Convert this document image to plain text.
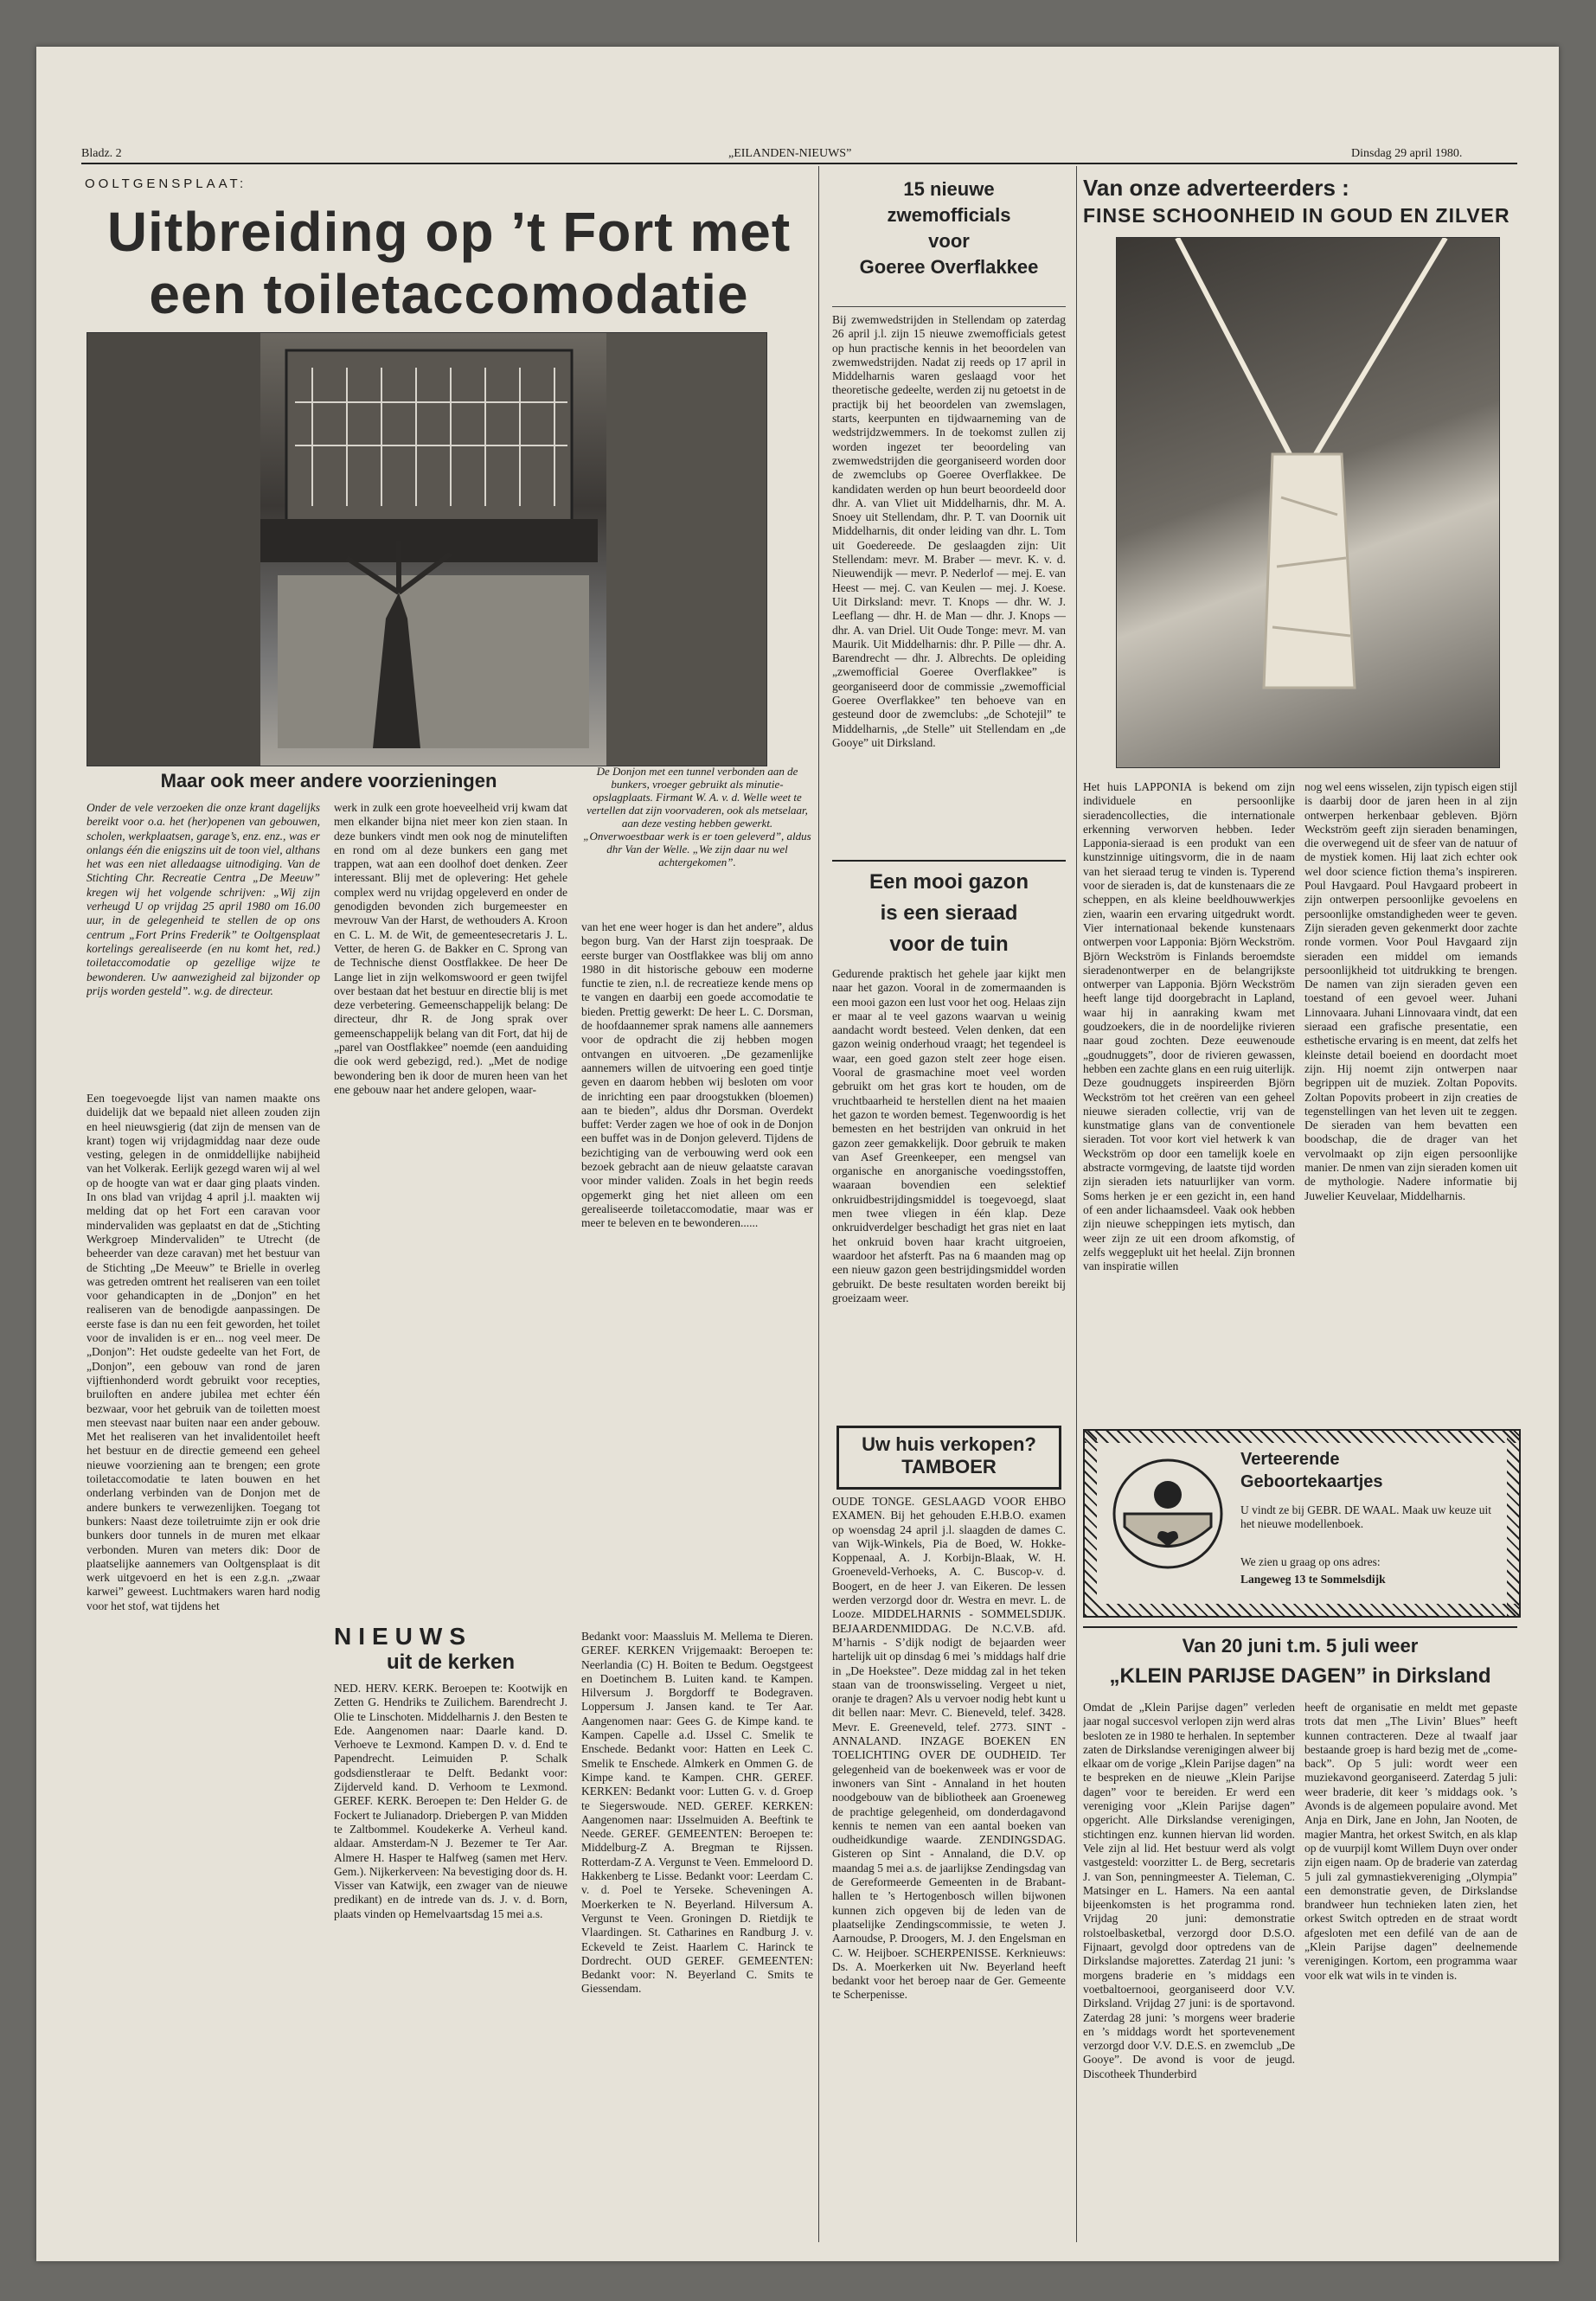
Bladz. 2	„EILANDEN-NIEUWS”	Dinsdag 29 april 1980.
OOLTGENSPLAAT:
Uitbreiding op ’t Fort met
een toiletaccomodatie
Maar ook meer andere voorzieningen	De Donjon met een tunnel verbonden aan de bunkers, vroeger gebruikt als minutie-opslagplaats. Firmant W. A. v. d. Welle weet te vertellen dat zijn voorvaderen, ook als metselaar, aan deze vesting hebben gewerkt. „Onverwoestbaar werk is er toen geleverd”, aldus dhr Van der Welle. „We zijn daar nu wel achtergekomen”.
Onder de vele verzoeken die onze krant dagelijks bereikt voor o.a. het (her)openen van gebouwen, scholen, werkplaatsen, garage’s, enz. enz., was er onlangs één die enigszins uit de toon viel, althans het was een niet alledaagse uitnodiging. Van de Stichting Chr. Recreatie Centra „De Meeuw” kregen wij het volgende schrijven: „Wij zijn verheugd U op vrijdag 25 april 1980 om 16.00 uur, in de gelegenheid te stellen de op ons centrum „Fort Prins Frederik” te Ooltgensplaat kortelings gerealiseerde (en nu komt het, red.) toiletaccomodatie op gezellige wijze te bewonderen. Uw aanwezigheid zal bijzonder op prijs worden gesteld”. w.g. de directeur.
Een toegevoegde lijst van namen maakte ons duidelijk dat we bepaald niet alleen zouden zijn en heel nieuwsgierig (dat zijn de mensen van de krant) togen wij vrijdagmiddag naar deze oude vesting, gelegen in de onmiddellijke nabijheid van het Volkerak. Eerlijk gezegd waren wij al wel op de hoogte van wat er daar ging plaats vinden. In ons blad van vrijdag 4 april j.l. maakten wij melding dat op het Fort een caravan voor mindervaliden was geplaatst en dat de „Stichting Werkgroep Mindervaliden” te Utrecht (de beheerder van deze caravan) met het bestuur van de Stichting „De Meeuw” te Brielle in overleg was getreden omtrent het realiseren van een toilet voor gehandicapten in de „Donjon” en het realiseren van de benodigde aanpassingen. De eerste fase is dan nu een feit geworden, het toilet voor de invaliden is er en... nog veel meer. De „Donjon”: Het oudste gedeelte van het Fort, de „Donjon”, een gebouw van rond de jaren vijftienhonderd wordt gebruikt voor recepties, bruiloften en andere jubilea met echter één bezwaar, voor het gebruik van de toiletten moest men steevast naar buiten naar een ander gebouw. Met het realiseren van het invalidentoilet heeft het bestuur en de directie gemeend een geheel nieuwe voorziening aan te brengen; een grote toiletaccomodatie te laten bouwen en het onderlang verbinden van de Donjon met de andere bunkers te verwezenlijken. Toegang tot bunkers: Naast deze toiletruimte zijn er ook drie bunkers door tunnels in de muren met elkaar verbonden. Muren van meters dik: Door de plaatselijke aannemers van Ooltgensplaat is dit werk uitgevoerd en het is een z.g.n. „zwaar karwei” geweest. Luchtmakers waren hard nodig voor het stof, wat tijdens het
werk in zulk een grote hoeveelheid vrij kwam dat men elkander bijna niet meer kon zien staan. In deze bunkers vindt men ook nog de minuteliften en rond om al deze bunkers een gang met trappen, wat aan een doolhof doet denken. Zeer interessant. Blij met de oplevering: Het gehele complex werd nu vrijdag opgeleverd en onder de genodigden bevonden zich burgemeester en mevrouw Van der Harst, de wethouders A. Kroon en C. L. M. de Wit, de gemeentesecretaris J. L. Vetter, de heren G. de Bakker en C. Sprong van de Technische dienst Oostflakkee. De heer De Lange liet in zijn welkomswoord er geen twijfel over bestaan dat het bestuur en directie blij is met deze verbetering. Gemeenschappelijk belang: De directeur, dhr R. de Jong sprak over gemeenschappelijk belang van dit Fort, dat hij de „parel van Oostflakkee” noemde (een aanduiding die ook werd gebezigd, red.). „Met de nodige bewondering ben ik door de muren heen van het ene gebouw naar het andere gelopen, waar-
van het ene weer hoger is dan het andere”, aldus begon burg. Van der Harst zijn toespraak. De eerste burger van Oostflakkee was blij om anno 1980 in dit historische gebouw een moderne functie te zien, n.l. de recreatieze kende mens op te vangen en daarbij een goede accomodatie te bieden. Prettig gewerkt: De heer L. C. Dorsman, de hoofdaannemer sprak namens alle aannemers voor de opdracht die zij hebben mogen ontvangen en uitvoeren. „De gezamenlijke aannemers willen de uitvoering een goed tintje geven en daarom hebben wij besloten om voor de inrichting een paar droogstukken (bloemen) aan te bieden”, aldus dhr Dorsman. Overdekt buffet: Verder zagen we hoe of ook in de Donjon een buffet was in de Donjon geleverd. Tijdens de bezichtiging van de verbouwing werd ook een bezoek gebracht aan de nieuw gelaatste caravan voor minder validen. Zoals in het begin reeds opgemerkt ging het niet alleen om een gerealiseerde toiletaccomodatie, maar was er meer te beleven en te bewonderen......
NIEUWS
uit de kerken
NED. HERV. KERK. Beroepen te: Kootwijk en Zetten G. Hendriks te Zuilichem. Barendrecht J. Olie te Linschoten. Middelharnis J. den Besten te Ede. Aangenomen naar: Daarle kand. D. Verhoeve te Lexmond. Kampen D. v. d. End te Papendrecht. Leimuiden P. Schalk godsdienstleraar te Delft. Bedankt voor: Zijderveld kand. D. Verhoom te Lexmond. GEREF. KERK. Beroepen te: Den Helder G. de Fockert te Julianadorp. Driebergen P. van Midden te Zaltbommel. Koudekerke A. Verheul kand. aldaar. Amsterdam-N J. Bezemer te Ter Aar. Almere H. Hasper te Halfweg (samen met Herv. Gem.). Nijkerkerveen: Na bevestiging door ds. H. Visser van Katwijk, een zwager van de nieuwe predikant) en de intrede van ds. J. v. d. Born, plaats vinden op Hemelvaartsdag 15 mei a.s.
Bedankt voor: Maassluis M. Mellema te Dieren. GEREF. KERKEN Vrijgemaakt: Beroepen te: Neerlandia (C) H. Boiten te Bedum. Oegstgeest en Doetinchem B. Luiten kand. te Kampen. Hilversum J. Borgdorff te Bodegraven. Loppersum J. Jansen kand. te Ter Aar. Aangenomen naar: Gees G. de Kimpe kand. te Kampen. Capelle a.d. IJssel C. Smelik te Enschede. Bedankt voor: Hatten en Leek C. Smelik te Enschede. Almkerk en Ommen G. de Kimpe kand. te Kampen. CHR. GEREF. KERKEN: Bedankt voor: Lutten G. v. d. Groep te Siegerswoude. NED. GEREF. KERKEN: Aangenomen naar: IJsselmuiden A. Beeftink te Neede. GEREF. GEMEENTEN: Beroepen te: Middelburg-Z A. Bregman te Rijssen. Rotterdam-Z A. Vergunst te Veen. Emmeloord D. Hakkenberg te Lisse. Bedankt voor: Leerdam C. v. d. Poel te Yerseke. Scheveningen A. Moerkerken te N. Beyerland. Hilversum A. Vergunst te Veen. Groningen D. Rietdijk te Vlaardingen. St. Catharines en Randburg J. v. Eckeveld te Zeist. Haarlem C. Harinck te Dordrecht. OUD GEREF. GEMEENTEN: Bedankt voor: N. Beyerland C. Smits te Giessendam.
15 nieuwe
zwemofficials
voor
Goeree Overflakkee
Bij zwemwedstrijden in Stellendam op zaterdag 26 april j.l. zijn 15 nieuwe zwemofficials getest op hun practische kennis in het beoordelen van zwemwedstrijden. Nadat zij reeds op 17 april in Middelharnis waren geslaagd voor het theoretische gedeelte, werden zij nu getoetst in de practijk bij het beoordelen van zwemslagen, starts, keerpunten en tijdwaarneming van de wedstrijdzwemmers. In de toekomst zullen zij worden ingezet ter beoordeling van zwemwedstrijden die georganiseerd worden door de zwemclubs op Goeree Overflakkee. De kandidaten werden op hun beurt beoordeeld door dhr. A. van Vliet uit Middelharnis, dhr. M. A. Snoey uit Stellendam, dhr. P. T. van Doornik uit Middelharnis, dit onder leiding van dhr. L. Tom uit Goedereede. De geslaagden zijn: Uit Stellendam: mevr. M. Braber — mevr. K. v. d. Nieuwendijk — mevr. P. Nederlof — mej. E. van Heest — mej. C. van Keulen — mej. J. Koese. Uit Dirksland: mevr. T. Knops — dhr. W. J. Leeflang — dhr. H. de Man — dhr. J. Knops — dhr. A. van Driel. Uit Oude Tonge: mevr. M. van Maurik. Uit Middelharnis: dhr. P. Pille — dhr. A. Barendrecht — dhr. J. Albrechts. De opleiding „zwemofficial Goeree Overflakkee” is georganiseerd door de commissie „zwemofficial Goeree Overflakkee” ten behoeve van en gesteund door de zwemclubs: „de Schotejil” te Middelharnis, „de Stelle” uit Stellendam en „de Gooye” uit Dirksland.
Een mooi gazon
is een sieraad
voor de tuin
Gedurende praktisch het gehele jaar kijkt men naar het gazon. Vooral in de zomermaanden is een mooi gazon een lust voor het oog. Helaas zijn er maar al te veel gazons waarvan u weinig aandacht wordt besteed. Velen denken, dat een gazon weinig onderhoud vraagt; het tegendeel is waar, een goed gazon stelt zeer hoge eisen. Vooral de grasmachine moet veel worden gebruikt om het gras kort te houden, om de vruchtbaarheid te herstellen dient na het maaien het gazon te worden bemest. Tegenwoordig is het bemesten en het bestrijden van onkruid in het gazon zeer gemakkelijk. Door gebruik te maken van Asef Greenkeeper, een mengsel van organische en anorganische voedingsstoffen, waaraan bovendien een selektief onkruidbestrijdingsmiddel is toegevoegd, slaat men twee vliegen in één klap. Deze onkruidverdelger beschadigt het gras niet en laat het onkruid boven haar kracht uitgroeien, waardoor het afsterft. Pas na 6 maanden mag op een nieuw gazon geen bestrijdingsmiddel worden gebruikt. De beste resultaten worden bereikt bij groeizaam weer.
Uw huis verkopen?
TAMBOER
OUDE TONGE. GESLAAGD VOOR EHBO EXAMEN. Bij het gehouden E.H.B.O. examen op woensdag 24 april j.l. slaagden de dames C. van Wijk-Winkels, Pia de Boed, W. Hokke-Koppenaal, A. J. Korbijn-Blaak, W. H. Groeneveld-Verhoeks, A. C. Buscop-v. d. Boogert, en de heer J. van Eikeren. De lessen werden verzorgd door dr. Westra en mevr. L. de Looze. MIDDELHARNIS - SOMMELSDIJK. BEJAARDENMIDDAG. De N.C.V.B. afd. M’harnis - S’dijk nodigt de bejaarden weer hartelijk uit op dinsdag 6 mei ’s middags half drie in „De Hoekstee”. Deze middag zal in het teken staan van de troonswisseling. Vergeet u niet, oranje te dragen? Als u vervoer nodig hebt kunt u dit bellen naar: Mevr. C. Bieneveld, telef. 3428. Mevr. E. Greeneveld, telef. 2773. SINT - ANNALAND. INZAGE BOEKEN EN TOELICHTING OVER DE OUDHEID. Ter gelegenheid van de boekenweek was er voor de inwoners van Sint - Annaland in het houten noodgebouw van de bibliotheek aan Groeneweg de prachtige gelegenheid, om donderdagavond kennis te nemen van een aantal boeken van oudheidkundige waarde. ZENDINGSDAG. Gisteren op Sint - Annaland, die D.V. op maandag 5 mei a.s. de jaarlijkse Zendingsdag van de Gereformeerde Gemeenten in de Brabant-hallen te ’s Hertogenbosch willen bijwonen kunnen zich opgeven bij de leden van de plaatselijke Zendingscommissie, te weten J. Aarnoudse, P. Droogers, M. J. den Engelsman en C. W. Heijboer. SCHERPENISSE. Kerknieuws: Ds. A. Moerkerken uit Nw. Beyerland heeft bedankt voor het beroep naar de Ger. Gemeente te Scherpenisse.
Van onze adverteerders :
FINSE SCHOONHEID IN GOUD EN ZILVER
Het huis LAPPONIA is bekend om zijn individuele en persoonlijke sieradencollecties, die internationale erkenning verworven hebben. Ieder Lapponia-sieraad is een produkt van een kunstzinnige uitingsvorm, die in de naam van het sieraad terug te vinden is. Typerend voor de sieraden is, dat de kunstenaars die ze scheppen, en als kleine beeldhouwwerkjes zien, waarin een ervaring uitgedrukt wordt. Vier internationaal bekende kunstenaars ontwerpen voor Lapponia: Björn Weckström. Björn Weckström is Finlands beroemdste sieradenontwerper en de belangrijkste ontwerper van Lapponia. Björn Weckström heeft lange tijd doorgebracht in Lapland, waar hij in aanraking kwam met goudzoekers, die in de noordelijke rivieren naar goud zochten. Deze eeuwenoude „goudnuggets”, door de rivieren gewassen, hebben een zachte glans en een ruig uiterlijk. Deze goudnuggets inspireerden Björn Weckström tot het creëren van een geheel nieuwe sieraden collectie, vrij van de kunstmatige glans van de conventionele sieraden. Tot voor kort viel hetwerk k van Weckström op door een tamelijk koele en abstracte vormgeving, de laatste tijd worden zijn sieraden iets natuurlijker van vorm. Soms herken je er een gezicht in, een hand of een ander lichaamsdeel. Vaak ook hebben zijn nieuwe scheppingen iets mytisch, dan weer zijn ze uit een droom afkomstig, of zelfs weggeplukt uit het heelal. Zijn bronnen van inspiratie willen
nog wel eens wisselen, zijn typisch eigen stijl is daarbij door de jaren heen in al zijn ontwerpen herkenbaar gebleven. Björn Weckström geeft zijn sieraden benamingen, die overwegend uit de sfeer van de natuur of de mystiek komen. Hij laat zich echter ook wel door science fiction thema’s inspireren. Poul Havgaard. Poul Havgaard probeert in zijn ontwerpen persoonlijke gevoelens en persoonlijke omstandigheden weer te geven. Zijn sieraden geven gekenmerkt door zachte ronde vormen. Voor Poul Havgaard zijn sieraden een middel om iemands persoonlijkheid tot uitdrukking te brengen. De namen van zijn sieraden geven een toestand of een gevoel weer. Juhani Linnovaara. Juhani Linnovaara vindt, dat een sieraad een grafische presentatie, een esthetische ervaring is en meent, dat zelfs het kleinste detail boeiend en doordacht moet zijn. Hij noemt zijn ontwerpen naar begrippen uit de muziek. Zoltan Popovits. Zoltan Popovits probeert in zijn creaties de tegenstellingen van het leven uit te zeggen. De sieraden van hem bevatten een boodschap, die de drager van het vervolmaakt op zijn eigen persoonlijke manier. De nmen van zijn sieraden komen uit de mythologie. Nadere informatie bij Juwelier Keuvelaar, Middelharnis.
Verteerende
Geboortekaartjes
U vindt ze bij GEBR. DE WAAL. Maak uw keuze uit het nieuwe modellenboek.
We zien u graag op ons adres:
Langeweg 13 te Sommelsdijk
Van 20 juni t.m. 5 juli weer
„KLEIN PARIJSE DAGEN” in Dirksland
Omdat de „Klein Parijse dagen” verleden jaar nogal succesvol verlopen zijn werd alras besloten ze in 1980 te herhalen. In september zaten de Dirkslandse verenigingen alweer bij elkaar om de vorige „Klein Parijse dagen” na te bespreken en de nieuwe „Klein Parijse dagen” voor te bereiden. Er werd een vereniging voor „Klein Parijse dagen” opgericht. Alle Dirkslandse verenigingen, stichtingen enz. kunnen hiervan lid worden. Vele zijn al lid. Het bestuur werd als volgt vastgesteld: voorzitter L. de Berg, secretaris J. van Son, penningmeester A. Tieleman, C. Matsinger en L. Hamers. Na een aantal bijeenkomsten is het programma rond. Vrijdag 20 juni: demonstratie rolstoelbasketbal, verzorgd door D.S.O. Fijnaart, gevolgd door optredens van de Dirkslandse majorettes. Zaterdag 21 juni: ’s morgens braderie en ’s middags een voetbaltoernooi, georganiseerd door V.V. Dirksland. Vrijdag 27 juni: is de sportavond. Zaterdag 28 juni: ’s morgens weer braderie en ’s middags wordt het sportevenement verzorgd door V.V. D.E.S. en zwemclub „De Gooye”. De avond is voor de jeugd. Discotheek Thunderbird
heeft de organisatie en meldt met gepaste trots dat men „The Livin’ Blues” heeft kunnen contracteren. Deze al twaalf jaar bestaande groep is hard bezig met de „come-back”. Op 5 juli: wordt weer een muziekavond georganiseerd. Zaterdag 5 juli: weer braderie, dit keer ’s middags ook. ’s Avonds is de algemeen populaire avond. Met Anja en Dirk, Jane en John, Jan Nooten, de magier Mantra, het orkest Switch, en als klap op de vuurpijl komt Willem Duyn over onder zijn eigen naam. Op de braderie van zaterdag 5 juli zal gymnastiekvereniging „Olympia” een demonstratie geven, de Dirkslandse brandweer hun technieken laten zien, het orkest Switch optreden en de straat wordt afgesloten met een defilé van de aan de „Klein Parijse dagen” deelnemende verenigingen. Kortom, een programma waar voor elk wat wils in te vinden is.
